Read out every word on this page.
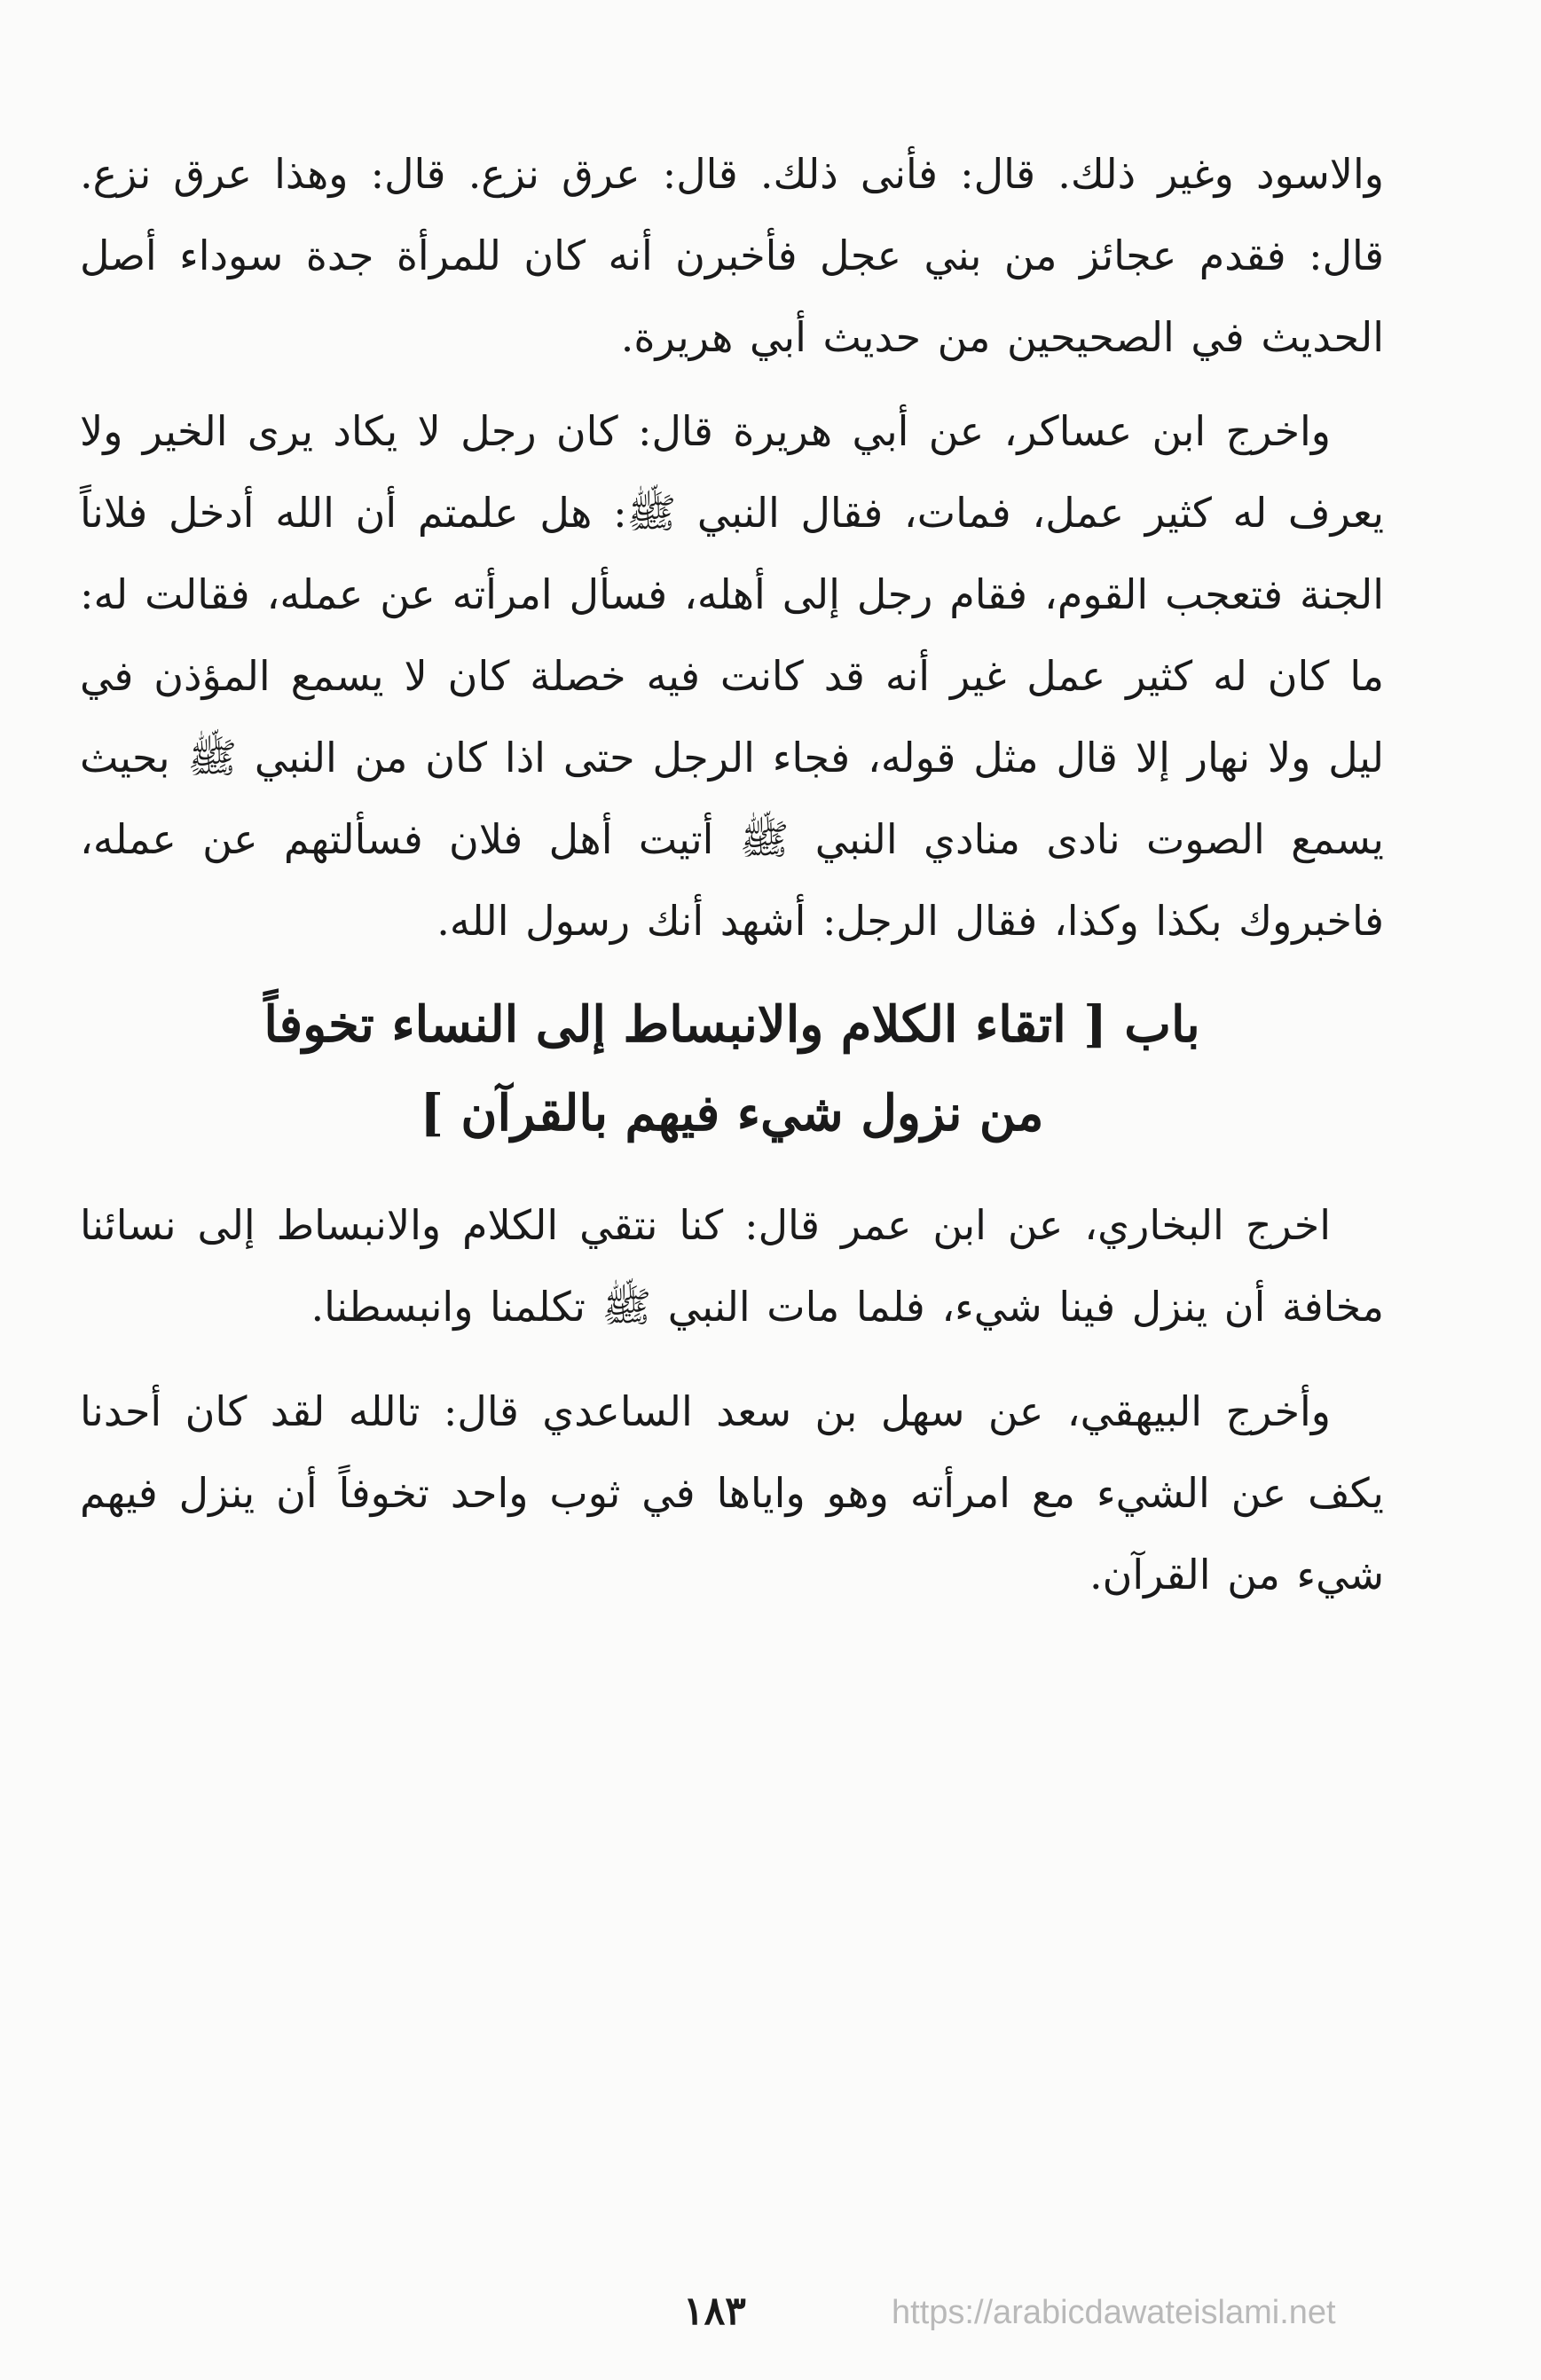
والاسود وغير ذلك. قال: فأنى ذلك. قال: عرق نزع. قال: وهذا عرق نزع. قال: فقدم عجائز من بني عجل فأخبرن أنه كان للمرأة جدة سوداء أصل الحديث في الصحيحين من حديث أبي هريرة.

واخرج ابن عساكر، عن أبي هريرة قال: كان رجل لا يكاد يرى الخير ولا يعرف له كثير عمل، فمات، فقال النبي ﷺ: هل علمتم أن الله أدخل فلاناً الجنة فتعجب القوم، فقام رجل إلى أهله، فسأل امرأته عن عمله، فقالت له: ما كان له كثير عمل غير أنه قد كانت فيه خصلة كان لا يسمع المؤذن في ليل ولا نهار إلا قال مثل قوله، فجاء الرجل حتى اذا كان من النبي ﷺ بحيث يسمع الصوت نادى منادي النبي ﷺ أتيت أهل فلان فسألتهم عن عمله، فاخبروك بكذا وكذا، فقال الرجل: أشهد أنك رسول الله.

باب [ اتقاء الكلام والانبساط إلى النساء تخوفاً
من نزول شيء فيهم بالقرآن ]

اخرج البخاري، عن ابن عمر قال: كنا نتقي الكلام والانبساط إلى نسائنا مخافة أن ينزل فينا شيء، فلما مات النبي ﷺ تكلمنا وانبسطنا.

وأخرج البيهقي، عن سهل بن سعد الساعدي قال: تالله لقد كان أحدنا يكف عن الشيء مع امرأته وهو واياها في ثوب واحد تخوفاً أن ينزل فيهم شيء من القرآن.

١٨٣	https://arabicdawateislami.net
